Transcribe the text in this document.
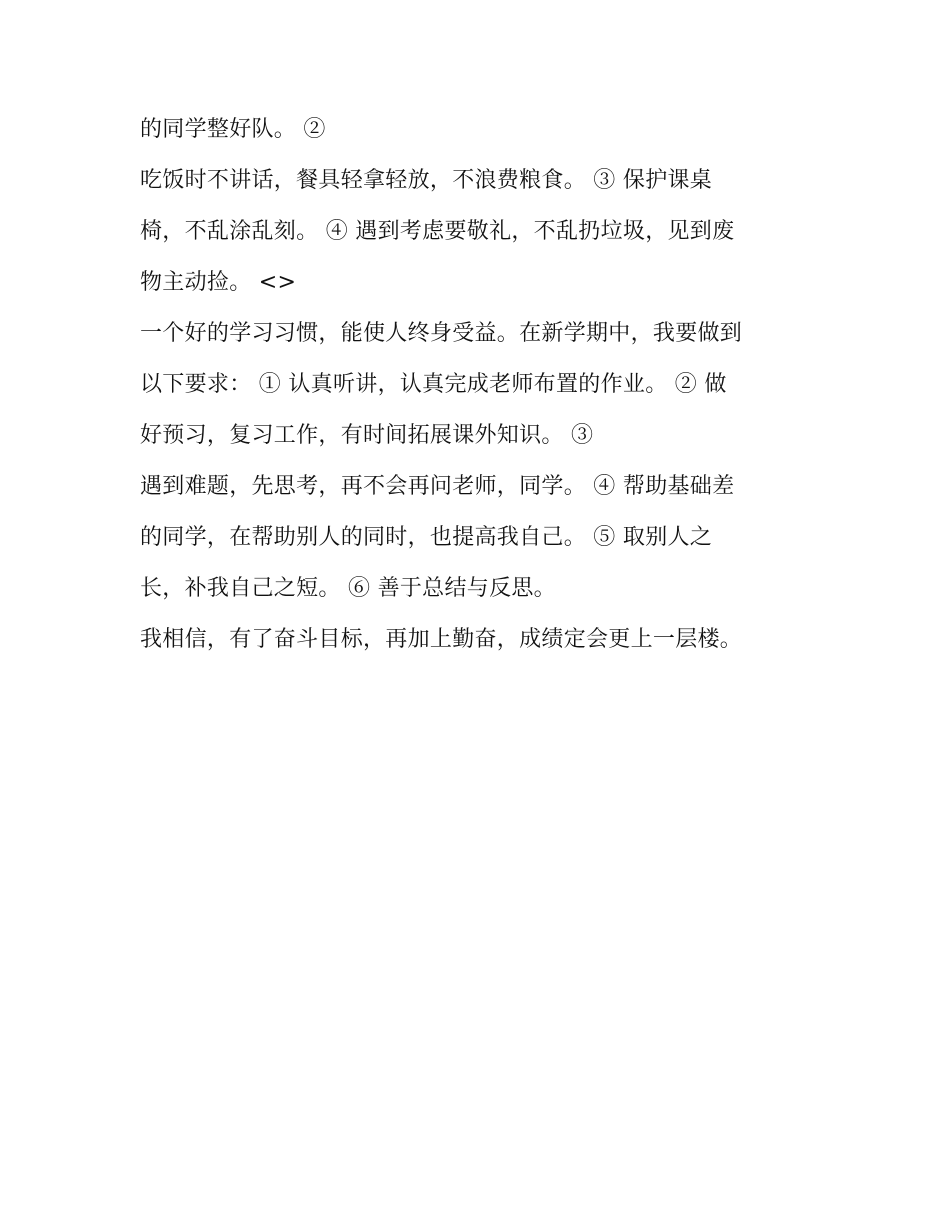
的同学整好队。 ②
吃饭时不讲话，餐具轻拿轻放，不浪费粮食。 ③ 保护课桌
椅，不乱涂乱刻。 ④ 遇到考虑要敬礼，不乱扔垃圾，见到废
物主动捡。 <>
一个好的学习习惯，能使人终身受益。在新学期中，我要做到
以下要求： ① 认真听讲，认真完成老师布置的作业。 ② 做
好预习，复习工作，有时间拓展课外知识。 ③
遇到难题，先思考，再不会再问老师，同学。 ④ 帮助基础差
的同学，在帮助别人的同时，也提高我自己。 ⑤ 取别人之
长，补我自己之短。 ⑥ 善于总结与反思。
我相信，有了奋斗目标，再加上勤奋，成绩定会更上一层楼。
